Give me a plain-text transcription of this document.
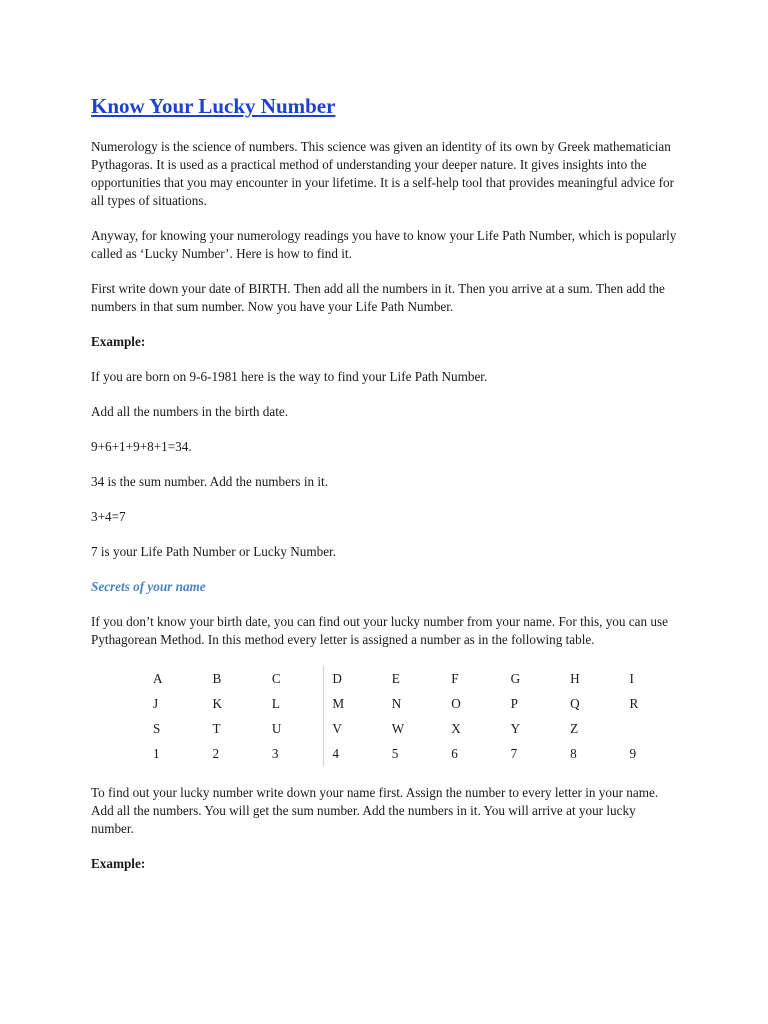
Know Your Lucky Number

Numerology is the science of numbers. This science was given an identity of its own by Greek mathematician Pythagoras. It is used as a practical method of understanding your deeper nature. It gives insights into the opportunities that you may encounter in your lifetime. It is a self-help tool that provides meaningful advice for all types of situations.

Anyway, for knowing your numerology readings you have to know your Life Path Number, which is popularly called as ‘Lucky Number’. Here is how to find it.

First write down your date of BIRTH. Then add all the numbers in it. Then you arrive at a sum. Then add the numbers in that sum number. Now you have your Life Path Number.

Example:

If you are born on 9-6-1981 here is the way to find your Life Path Number.

Add all the numbers in the birth date.

9+6+1+9+8+1=34.

34 is the sum number. Add the numbers in it.

3+4=7

7 is your Life Path Number or Lucky Number.

Secrets of your name

If you don’t know your birth date, you can find out your lucky number from your name. For this, you can use Pythagorean Method. In this method every letter is assigned a number as in the following table.

A	B	C	D	E	F	G	H	I
J	K	L	M	N	O	P	Q	R
S	T	U	V	W	X	Y	Z	
1	2	3	4	5	6	7	8	9

To find out your lucky number write down your name first. Assign the number to every letter in your name. Add all the numbers. You will get the sum number. Add the numbers in it. You will arrive at your lucky number.

Example:
